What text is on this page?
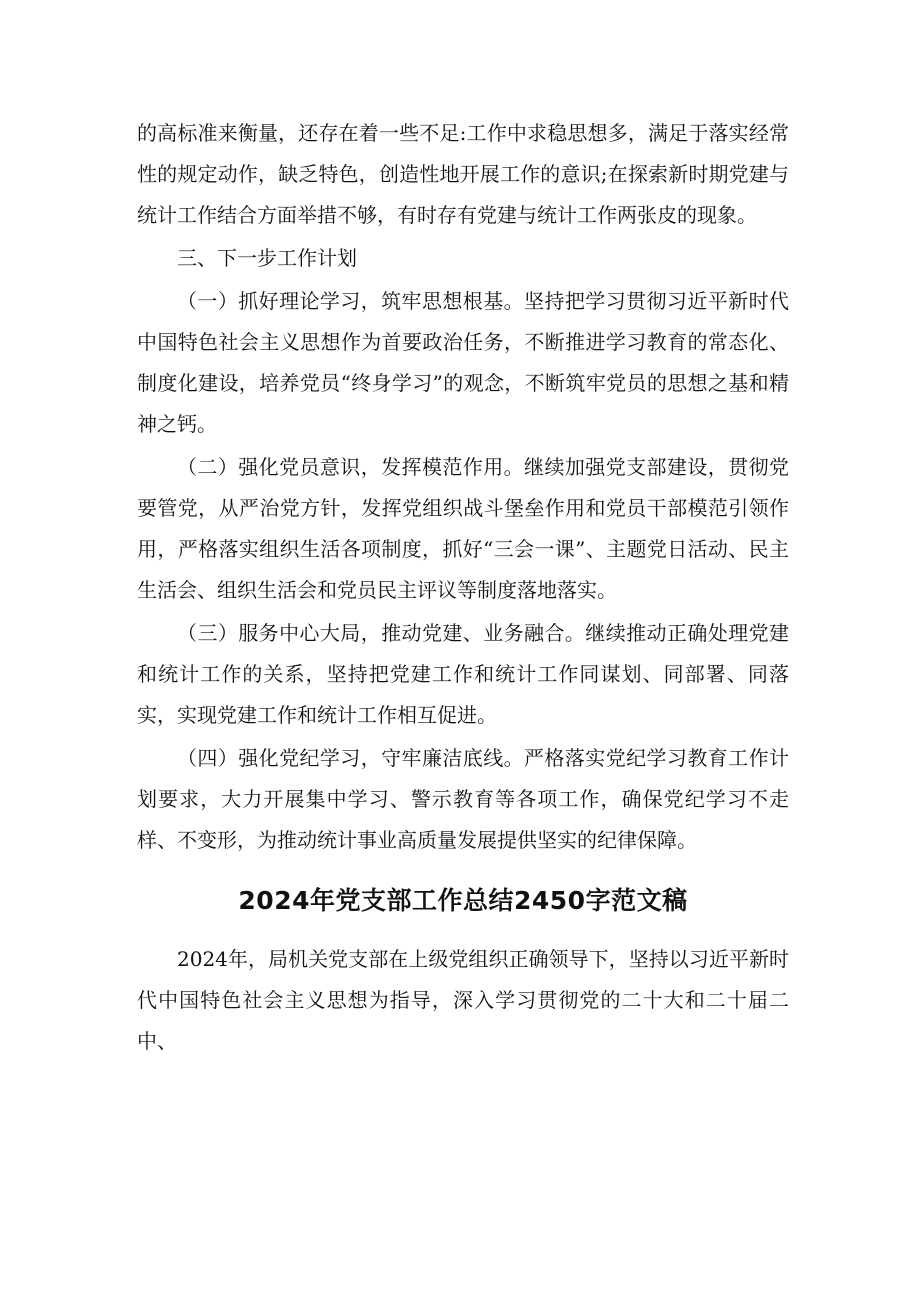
的高标准来衡量，还存在着一些不足:工作中求稳思想多，满足于落实经常性的规定动作，缺乏特色，创造性地开展工作的意识;在探索新时期党建与统计工作结合方面举措不够，有时存有党建与统计工作两张皮的现象。

三、下一步工作计划

（一）抓好理论学习，筑牢思想根基。坚持把学习贯彻习近平新时代中国特色社会主义思想作为首要政治任务，不断推进学习教育的常态化、制度化建设，培养党员“终身学习”的观念，不断筑牢党员的思想之基和精神之钙。

（二）强化党员意识，发挥模范作用。继续加强党支部建设，贯彻党要管党，从严治党方针，发挥党组织战斗堡垒作用和党员干部模范引领作用，严格落实组织生活各项制度，抓好“三会一课”、主题党日活动、民主生活会、组织生活会和党员民主评议等制度落地落实。

（三）服务中心大局，推动党建、业务融合。继续推动正确处理党建和统计工作的关系，坚持把党建工作和统计工作同谋划、同部署、同落实，实现党建工作和统计工作相互促进。

（四）强化党纪学习，守牢廉洁底线。严格落实党纪学习教育工作计划要求，大力开展集中学习、警示教育等各项工作，确保党纪学习不走样、不变形，为推动统计事业高质量发展提供坚实的纪律保障。

2024年党支部工作总结2450字范文稿

2024年，局机关党支部在上级党组织正确领导下，坚持以习近平新时代中国特色社会主义思想为指导，深入学习贯彻党的二十大和二十届二中、
